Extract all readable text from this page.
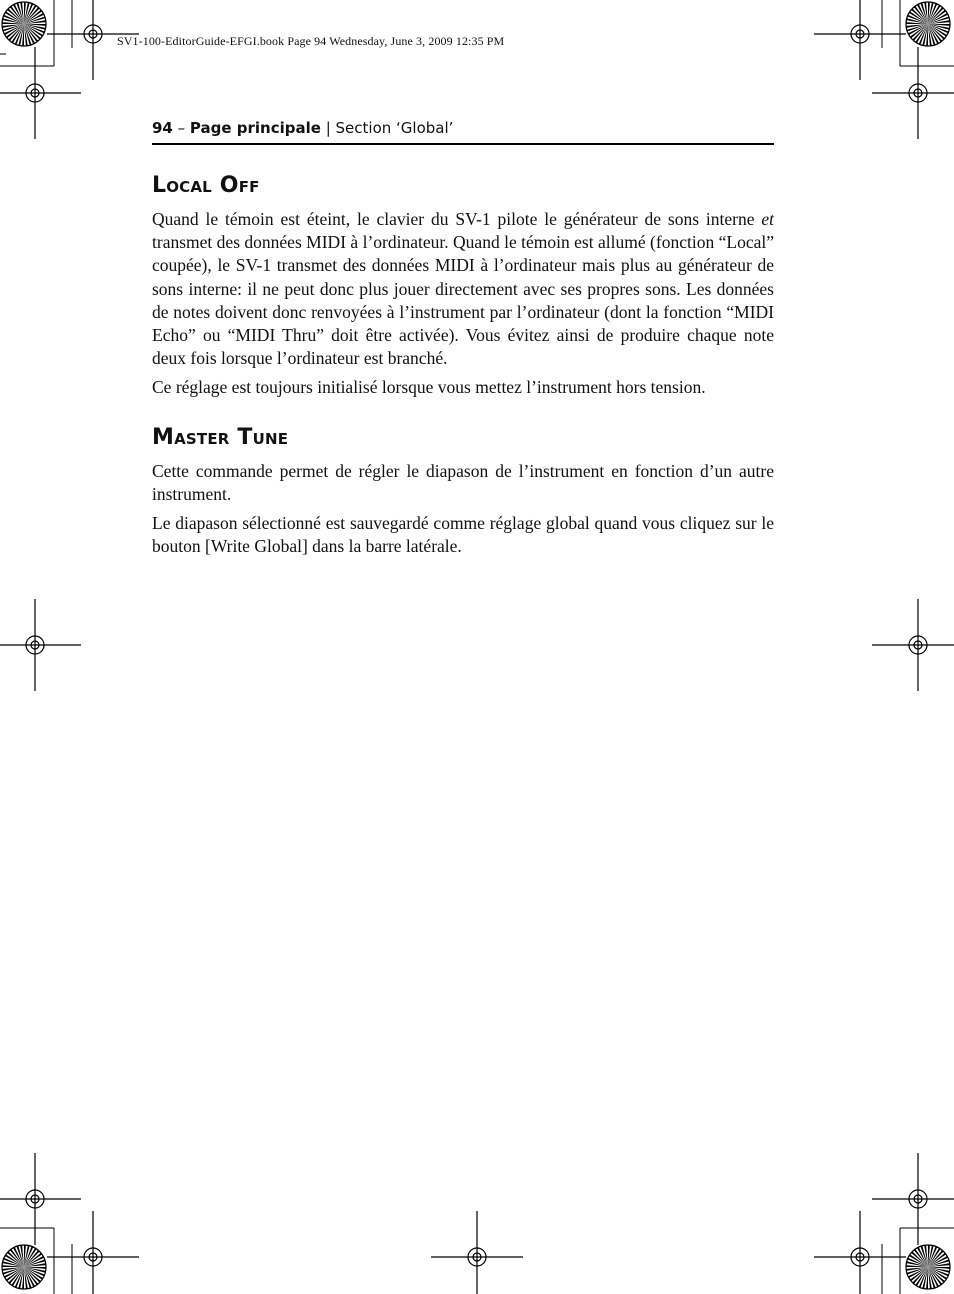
SV1-100-EditorGuide-EFGI.book Page 94 Wednesday, June 3, 2009 12:35 PM
94 – Page principale | Section ‘Global’
Local Off

Quand le témoin est éteint, le clavier du SV-1 pilote le générateur de sons interne et transmet des données MIDI à l’ordinateur. Quand le témoin est allumé (fonction “Local” coupée), le SV-1 transmet des données MIDI à l’ordinateur mais plus au générateur de sons interne: il ne peut donc plus jouer directement avec ses propres sons. Les données de notes doivent donc renvoyées à l’instrument par l’ordinateur (dont la fonction “MIDI Echo” ou “MIDI Thru” doit être activée). Vous évitez ainsi de produire chaque note deux fois lorsque l’ordinateur est branché.

Ce réglage est toujours initialisé lorsque vous mettez l’instrument hors tension.

Master Tune

Cette commande permet de régler le diapason de l’instrument en fonction d’un autre instrument.

Le diapason sélectionné est sauvegardé comme réglage global quand vous cliquez sur le bouton [Write Global] dans la barre latérale.
